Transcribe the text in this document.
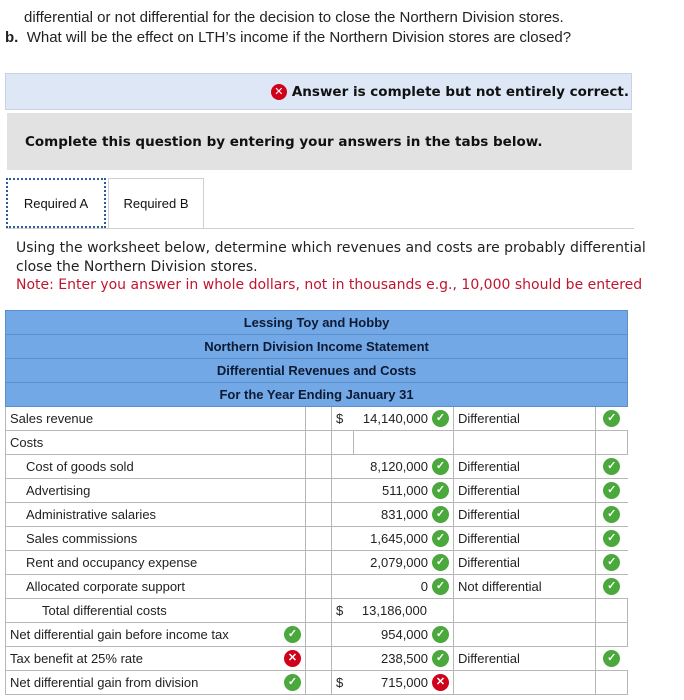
differential or not differential for the decision to close the Northern Division stores.
b. What will be the effect on LTH’s income if the Northern Division stores are closed?
✕ Answer is complete but not entirely correct.
Complete this question by entering your answers in the tabs below.
Required A	Required B
Using the worksheet below, determine which revenues and costs are probably differential
close the Northern Division stores.
Note: Enter you answer in whole dollars, not in thousands e.g., 10,000 should be entered
Lessing Toy and Hobby					
Northern Division Income Statement					
Differential Revenues and Costs					
For the Year Ending January 31					
Sales revenue		$	14,140,000 ✓	Differential	✓
Costs					
Cost of goods sold			8,120,000 ✓	Differential	✓
Advertising			511,000 ✓	Differential	✓
Administrative salaries			831,000 ✓	Differential	✓
Sales commissions			1,645,000 ✓	Differential	✓
Rent and occupancy expense			2,079,000 ✓	Differential	✓
Allocated corporate support			0 ✓	Not differential	✓
Total differential costs		$	13,186,000		

Net differential gain before income tax ✓			954,000 ✓		

Tax benefit at 25% rate ✕			238,500 ✓	Differential	✓

Net differential gain from division ✓		$	715,000 ✕		
